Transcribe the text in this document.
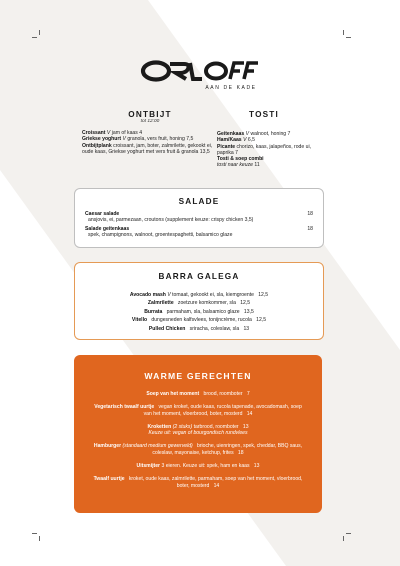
AAN DE KADE
ONTBIJT
tot 12:00
Croissant V jam of kaas 4
Griekse yoghurt V granola, vers fruit, honing 7,5
Ontbijtplank croissant, jam, boter, zalmrilette, gekookt ei, oude kaas, Griekse yoghurt met vers fruit & granola 13,5
TOSTI
Geitenkaas V walnoot, honing 7
Ham/Kaas V 6,5
Picante chorizo, kaas, jalapeños, rode ui, paprika 7
Tosti & soep combi
tosti naar keuze 11
SALADE
Caesar salade	18

ansjovis, ei, parmezaan, croutons (supplement keuze: crispy chicken 3,5)
Salade geitenkaas	18

spek, champignons, walnoot, groentespaghetti, balsamico glaze
BARRA GALEGA
Avocado mash V tomaat, gekookt ei, sla, kiemgroente 12,5
Zalmrilette zoetzure komkommer, sla 12,5
Burrata parmaham, sla, balsamico glaze 13,5
Vitello dungesneden kalfsvlees, tonijncrème, rucola 12,5
Pulled Chicken sriracha, coleslaw, sla 13
WARME GERECHTEN
Soep van het moment brood, roomboter 7
Vegetarisch twaalf uurtje vegan kroket, oude kaas, rucola tapenade, avocadomash, soep van het moment, vloerbrood, boter, mosterd 14
Kroketten (2 stuks) tarbrood, roomboter 13
Keuze uit: vegan of bourgondisch rundvlees
Hamburger (standaard medium gewerveld) brioche, uienringen, spek, cheddar, BBQ saus, coleslaw, mayonaise, ketchup, frites 18
Uitsmijter 3 eieren. Keuze uit: spek, ham en kaas 13
Twaalf uurtje kroket, oude kaas, zalmrilette, parmaham, soep van het moment, vloerbrood, boter, mosterd 14
